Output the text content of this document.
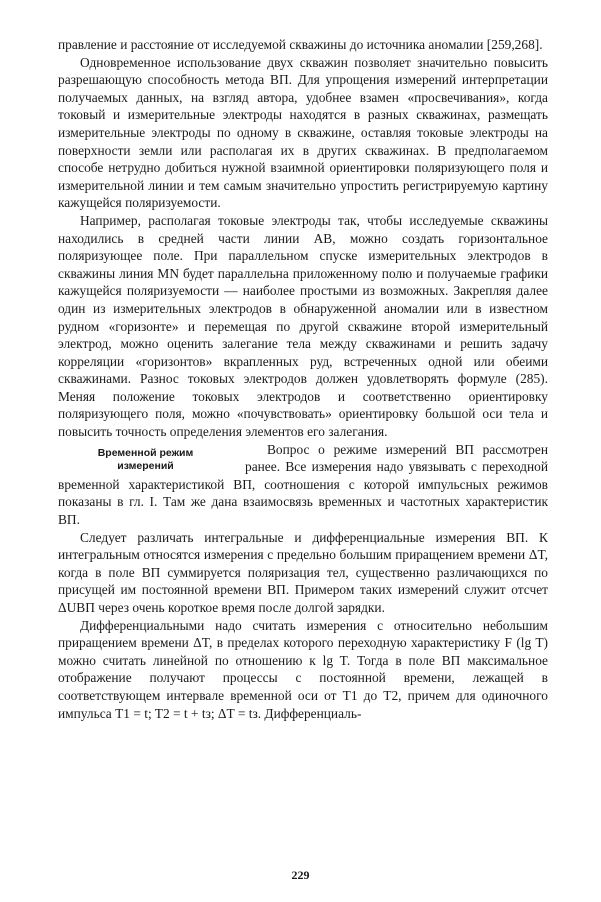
правление и расстояние от исследуемой скважины до источника аномалии [259,268].

Одновременное использование двух скважин позволяет значительно повысить разрешающую способность метода ВП. Для упрощения измерений интерпретации получаемых данных, на взгляд автора, удобнее взамен «просвечивания», когда токовый и измерительные электроды находятся в разных скважинах, размещать измерительные электроды по одному в скважине, оставляя токовые электроды на поверхности земли или располагая их в других скважинах. В предполагаемом способе нетрудно добиться нужной взаимной ориентировки поляризующего поля и измерительной линии и тем самым значительно упростить регистрируемую картину кажущейся поляризуемости.

Например, располагая токовые электроды так, чтобы исследуемые скважины находились в средней части линии AB, можно создать горизонтальное поляризующее поле. При параллельном спуске измерительных электродов в скважины линия MN будет параллельна приложенному полю и получаемые графики кажущейся поляризуемости — наиболее простыми из возможных. Закрепляя далее один из измерительных электродов в обнаруженной аномалии или в известном рудном «горизонте» и перемещая по другой скважине второй измерительный электрод, можно оценить залегание тела между скважинами и решить задачу корреляции «горизонтов» вкрапленных руд, встреченных одной или обеими скважинами. Разнос токовых электродов должен удовлетворять формуле (285). Меняя положение токовых электродов и соответственно ориентировку поляризующего поля, можно «почувствовать» ориентировку большой оси тела и повысить точность определения элементов его залегания.

Временной режим
измерений

Вопрос о режиме измерений ВП рассмотрен ранее. Все измерения надо увязывать с переходной временной характеристикой ВП, соотношения с которой импульсных режимов показаны в гл. I. Там же дана взаимосвязь временных и частотных характеристик ВП.

Следует различать интегральные и дифференциальные измерения ВП. К интегральным относятся измерения с предельно большим приращением времени ΔT, когда в поле ВП суммируется поляризация тел, существенно различающихся по присущей им постоянной времени ВП. Примером таких измерений служит отсчет ΔUВП через очень короткое время после долгой зарядки.

Дифференциальными надо считать измерения с относительно небольшим приращением времени ΔT, в пределах которого переходную характеристику F (lg T) можно считать линейной по отношению к lg T. Тогда в поле ВП максимальное отображение получают процессы с постоянной времени, лежащей в соответствующем интервале временной оси от T1 до T2, причем для одиночного импульса T1 = t; T2 = t + tз; ΔT = tз. Дифференциаль-

229
